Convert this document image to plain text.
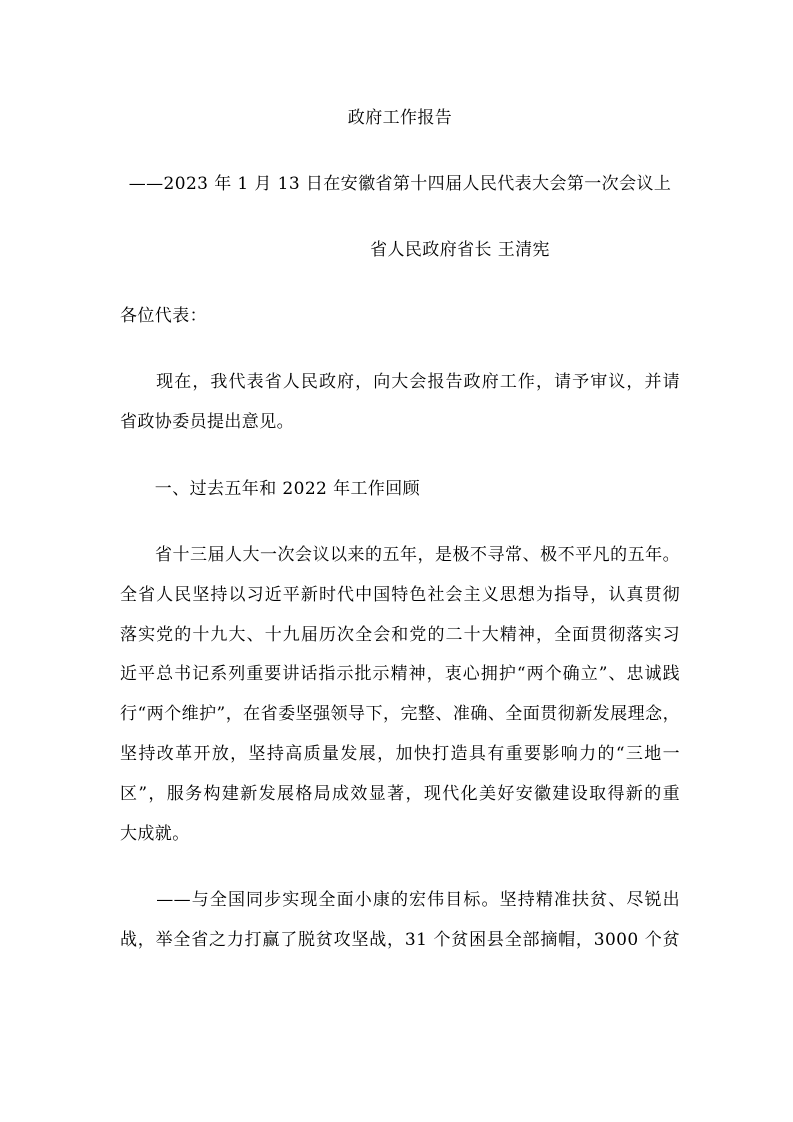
政府工作报告
——2023 年 1 月 13 日在安徽省第十四届人民代表大会第一次会议上
省人民政府省长 王清宪
各位代表：
　　现在，我代表省人民政府，向大会报告政府工作，请予审议，并请
省政协委员提出意见。
　　一、过去五年和 2022 年工作回顾
　　省十三届人大一次会议以来的五年，是极不寻常、极不平凡的五年。
全省人民坚持以习近平新时代中国特色社会主义思想为指导，认真贯彻
落实党的十九大、十九届历次全会和党的二十大精神，全面贯彻落实习
近平总书记系列重要讲话指示批示精神，衷心拥护“两个确立”、忠诚践
行“两个维护”，在省委坚强领导下，完整、准确、全面贯彻新发展理念，
坚持改革开放，坚持高质量发展，加快打造具有重要影响力的“三地一
区”，服务构建新发展格局成效显著，现代化美好安徽建设取得新的重
大成就。
　　——与全国同步实现全面小康的宏伟目标。坚持精准扶贫、尽锐出
战，举全省之力打赢了脱贫攻坚战，31 个贫困县全部摘帽，3000 个贫
